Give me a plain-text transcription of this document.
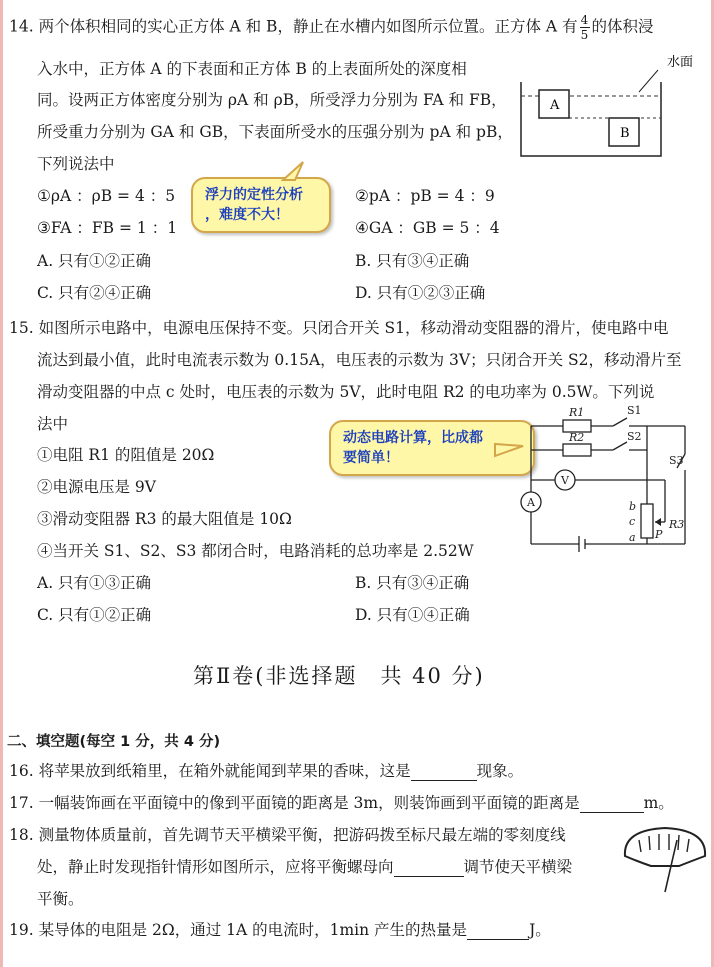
14. 两个体积相同的实心正方体 A 和 B，静止在水槽内如图所示位置。正方体 A 有 $\frac{4}{5}$ 的体积浸
入水中，正方体 A 的下表面和正方体 B 的上表面所处的深度相
同。设两正方体密度分别为 ρA 和 ρB，所受浮力分别为 FA 和 FB，
所受重力分别为 GA 和 GB，下表面所受水的压强分别为 pA 和 pB，
下列说法中
①ρA ：ρB = 4 ：5	②pA ：pB = 4 ：9
③FA ：FB = 1 ：1	④GA ：GB = 5 ：4
A. 只有①②正确	B. 只有③④正确
C. 只有②④正确	D. 只有①②③正确
浮力的定性分析
，难度不大！
水面
A
B
15. 如图所示电路中，电源电压保持不变。只闭合开关 S1，移动滑动变阻器的滑片，使电路中电
流达到最小值，此时电流表示数为 0.15A，电压表的示数为 3V；只闭合开关 S2，移动滑片至
滑动变阻器的中点 c 处时，电压表的示数为 5V，此时电阻 R2 的电功率为 0.5W。下列说
法中
①电阻 R1 的阻值是 20Ω
②电源电压是 9V
③滑动变阻器 R3 的最大阻值是 10Ω
④当开关 S1、S2、S3 都闭合时，电路消耗的总功率是 2.52W
A. 只有①③正确	B. 只有③④正确
C. 只有①②正确	D. 只有①④正确
动态电路计算，比成都
要简单！
R1
R2
S1
S2
S3
V
A	b
c
a P
R3
第Ⅱ卷(非选择题　共 40 分)
二、填空题(每空 1 分，共 4 分)
16. 将苹果放到纸箱里，在箱外就能闻到苹果的香味，这是	现象。
17. 一幅装饰画在平面镜中的像到平面镜的距离是 3m，则装饰画到平面镜的距离是	m。
18. 测量物体质量前，首先调节天平横梁平衡，把游码拨至标尺最左端的零刻度线
处，静止时发现指针情形如图所示，应将平衡螺母向	调节使天平横梁
平衡。
19. 某导体的电阻是 2Ω，通过 1A 的电流时，1min 产生的热量是	J。
